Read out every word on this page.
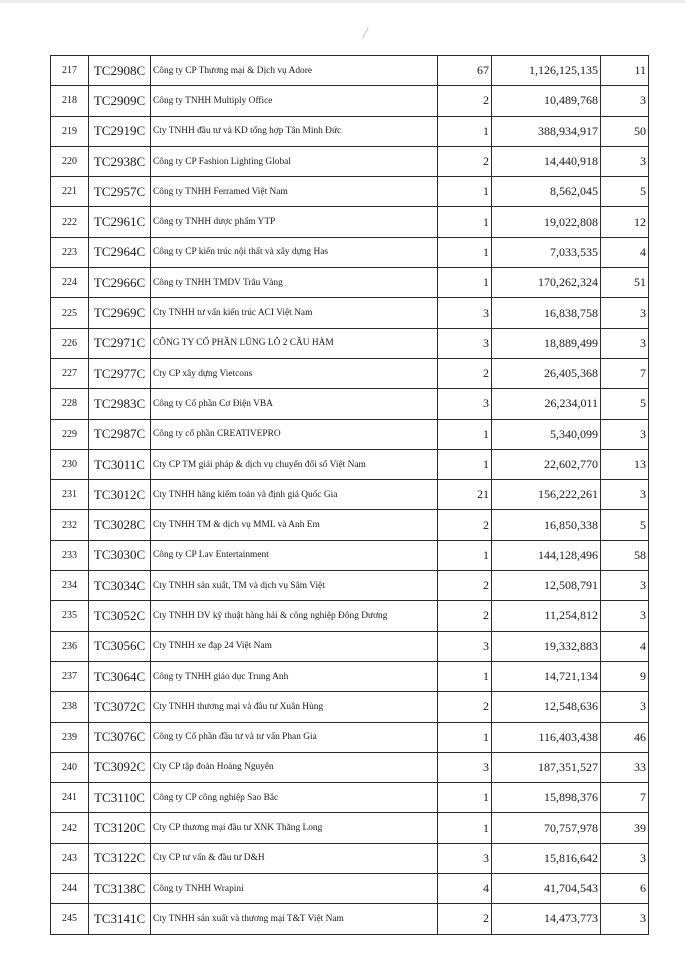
/
217	TC2908C	Công ty CP Thương mại & Dịch vụ Adore	67	1,126,125,135	11
218	TC2909C	Công ty TNHH Multiply Office	2	10,489,768	3
219	TC2919C	Cty TNHH đầu tư và KD tổng hợp Tân Minh Đức	1	388,934,917	50
220	TC2938C	Công ty CP Fashion Lighting Global	2	14,440,918	3
221	TC2957C	Công ty TNHH Ferramed Việt Nam	1	8,562,045	5
222	TC2961C	Công ty TNHH dược phẩm YTP	1	19,022,808	12
223	TC2964C	Công ty CP kiến trúc nội thất và xây dựng Has	1	7,033,535	4
224	TC2966C	Công ty TNHH TMDV Trâu Vàng	1	170,262,324	51
225	TC2969C	Cty TNHH tư vấn kiến trúc ACI Việt Nam	3	16,838,758	3
226	TC2971C	CÔNG TY CỔ PHẦN LŨNG LÔ 2 CẦU HÀM	3	18,889,499	3
227	TC2977C	Cty CP xây dựng Vietcons	2	26,405,368	7
228	TC2983C	Công ty Cổ phần Cơ Điện VBA	3	26,234,011	5
229	TC2987C	Công ty cổ phần CREATIVEPRO	1	5,340,099	3
230	TC3011C	Cty CP TM giải pháp & dịch vụ chuyển đổi số Việt Nam	1	22,602,770	13
231	TC3012C	Cty TNHH hãng kiểm toán và định giá Quốc Gia	21	156,222,261	3
232	TC3028C	Cty TNHH TM & dịch vụ MML và Anh Em	2	16,850,338	5
233	TC3030C	Công ty CP Lav Entertainment	1	144,128,496	58
234	TC3034C	Cty TNHH sản xuất, TM và dịch vụ Sâm Việt	2	12,508,791	3
235	TC3052C	Cty TNHH DV kỹ thuật hàng hải & công nghiệp Đông Dương	2	11,254,812	3
236	TC3056C	Cty TNHH xe đạp 24 Việt Nam	3	19,332,883	4
237	TC3064C	Công ty TNHH giáo dục Trung Anh	1	14,721,134	9
238	TC3072C	Cty TNHH thương mại và đầu tư Xuân Hùng	2	12,548,636	3
239	TC3076C	Công ty Cổ phần đầu tư và tư vấn Phan Gia	1	116,403,438	46
240	TC3092C	Cty CP tập đoàn Hoàng Nguyên	3	187,351,527	33
241	TC3110C	Công ty CP công nghiệp Sao Bắc	1	15,898,376	7
242	TC3120C	Cty CP thương mại đầu tư XNK Thăng Long	1	70,757,978	39
243	TC3122C	Cty CP tư vấn & đầu tư D&H	3	15,816,642	3
244	TC3138C	Công ty TNHH Wrapini	4	41,704,543	6
245	TC3141C	Cty TNHH sản xuất và thương mại T&T Việt Nam	2	14,473,773	3
